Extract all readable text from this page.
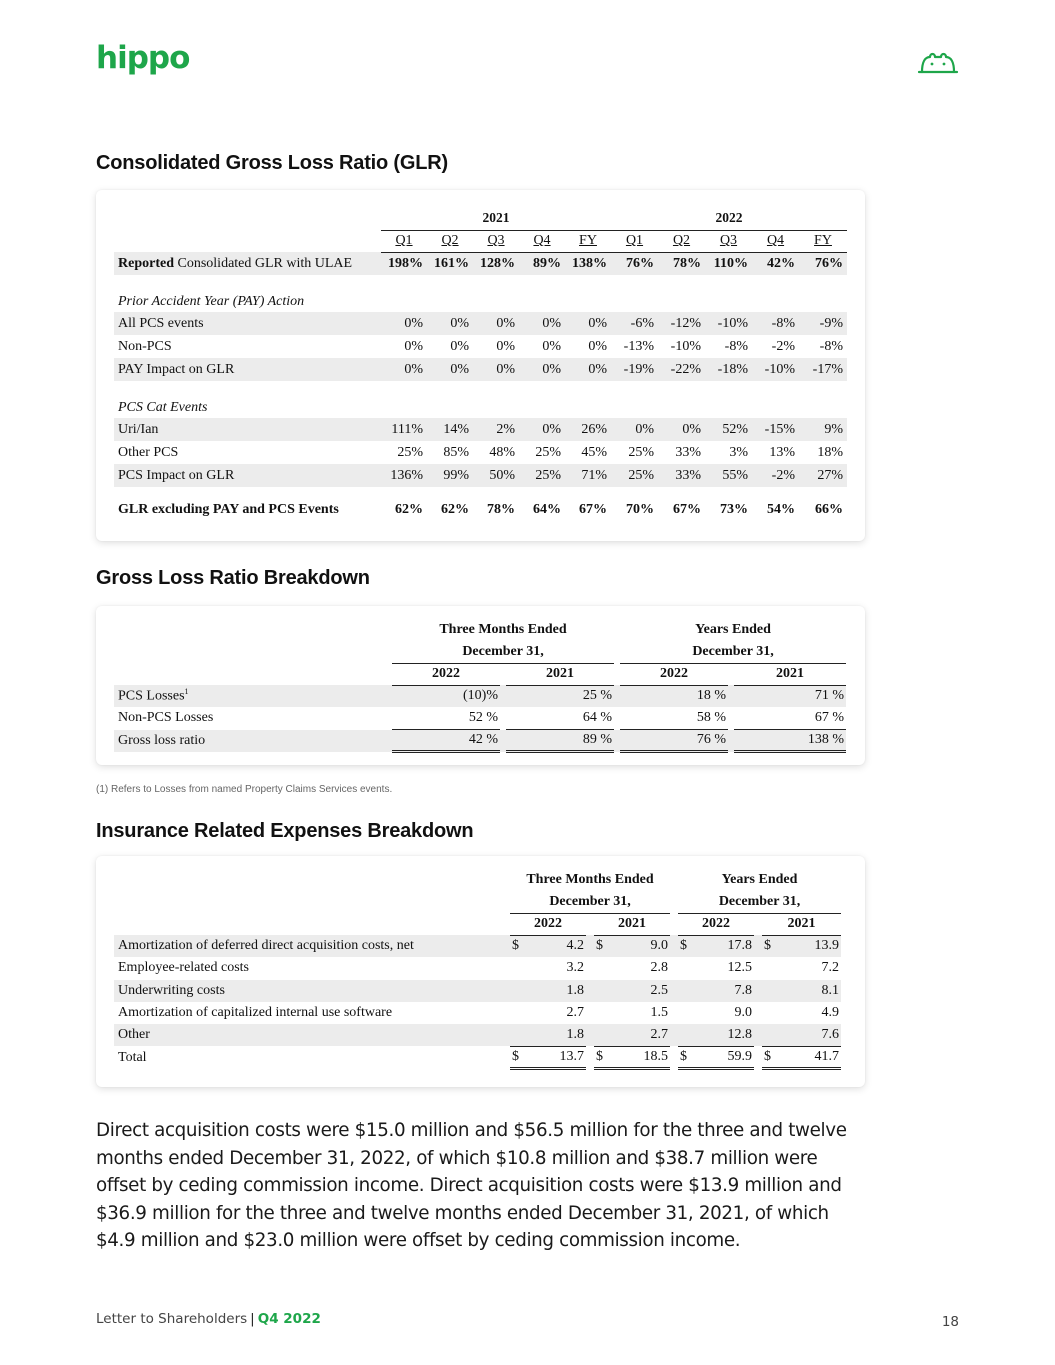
hippo
Consolidated Gross Loss Ratio (GLR)
	2021					2022				
	Q1	Q2	Q3	Q4	FY	Q1	Q2	Q3	Q4	FY
Reported Consolidated GLR with ULAE	198%	161%	128%	89%	138%	76%	78%	110%	42%	76%
Prior Accident Year (PAY) Action										
All PCS events	0%	0%	0%	0%	0%	-6%	-12%	-10%	-8%	-9%
Non-PCS	0%	0%	0%	0%	0%	-13%	-10%	-8%	-2%	-8%
PAY Impact on GLR	0%	0%	0%	0%	0%	-19%	-22%	-18%	-10%	-17%
PCS Cat Events										
Uri/Ian	111%	14%	2%	0%	26%	0%	0%	52%	-15%	9%
Other PCS	25%	85%	48%	25%	45%	25%	33%	3%	13%	18%
PCS Impact on GLR	136%	99%	50%	25%	71%	25%	33%	55%	-2%	27%
GLR excluding PAY and PCS Events	62%	62%	78%	64%	67%	70%	67%	73%	54%	66%
Gross Loss Ratio Breakdown
	Three Months Ended				Years Ended		
	December 31,				December 31,		
	2022		2021		2022		2021
PCS Losses$^1$	(10)%		25 %		18 %		71 %
Non-PCS Losses	52 %		64 %		58 %		67 %
Gross loss ratio	42 %		89 %		76 %		138 %
(1) Refers to Losses from named Property Claims Services events.
Insurance Related Expenses Breakdown
	Three Months Ended						Years Ended				
	December 31,						December 31,				
	2022			2021			2022			2021	
Amortization of deferred direct acquisition costs, net	$	4.2		$	9.0		$	17.8		$	13.9
Employee-related costs		3.2			2.8			12.5			7.2
Underwriting costs		1.8			2.5			7.8			8.1
Amortization of capitalized internal use software		2.7			1.5			9.0			4.9
Other		1.8			2.7			12.8			7.6
Total	$	13.7		$	18.5		$	59.9		$	41.7
Direct acquisition costs were $15.0 million and $56.5 million for the three and twelve months ended December 31, 2022, of which $10.8 million and $38.7 million were offset by ceding commission income. Direct acquisition costs were $13.9 million and $36.9 million for the three and twelve months ended December 31, 2021, of which $4.9 million and $23.0 million were offset by ceding commission income.
Letter to Shareholders | Q4 2022	18
